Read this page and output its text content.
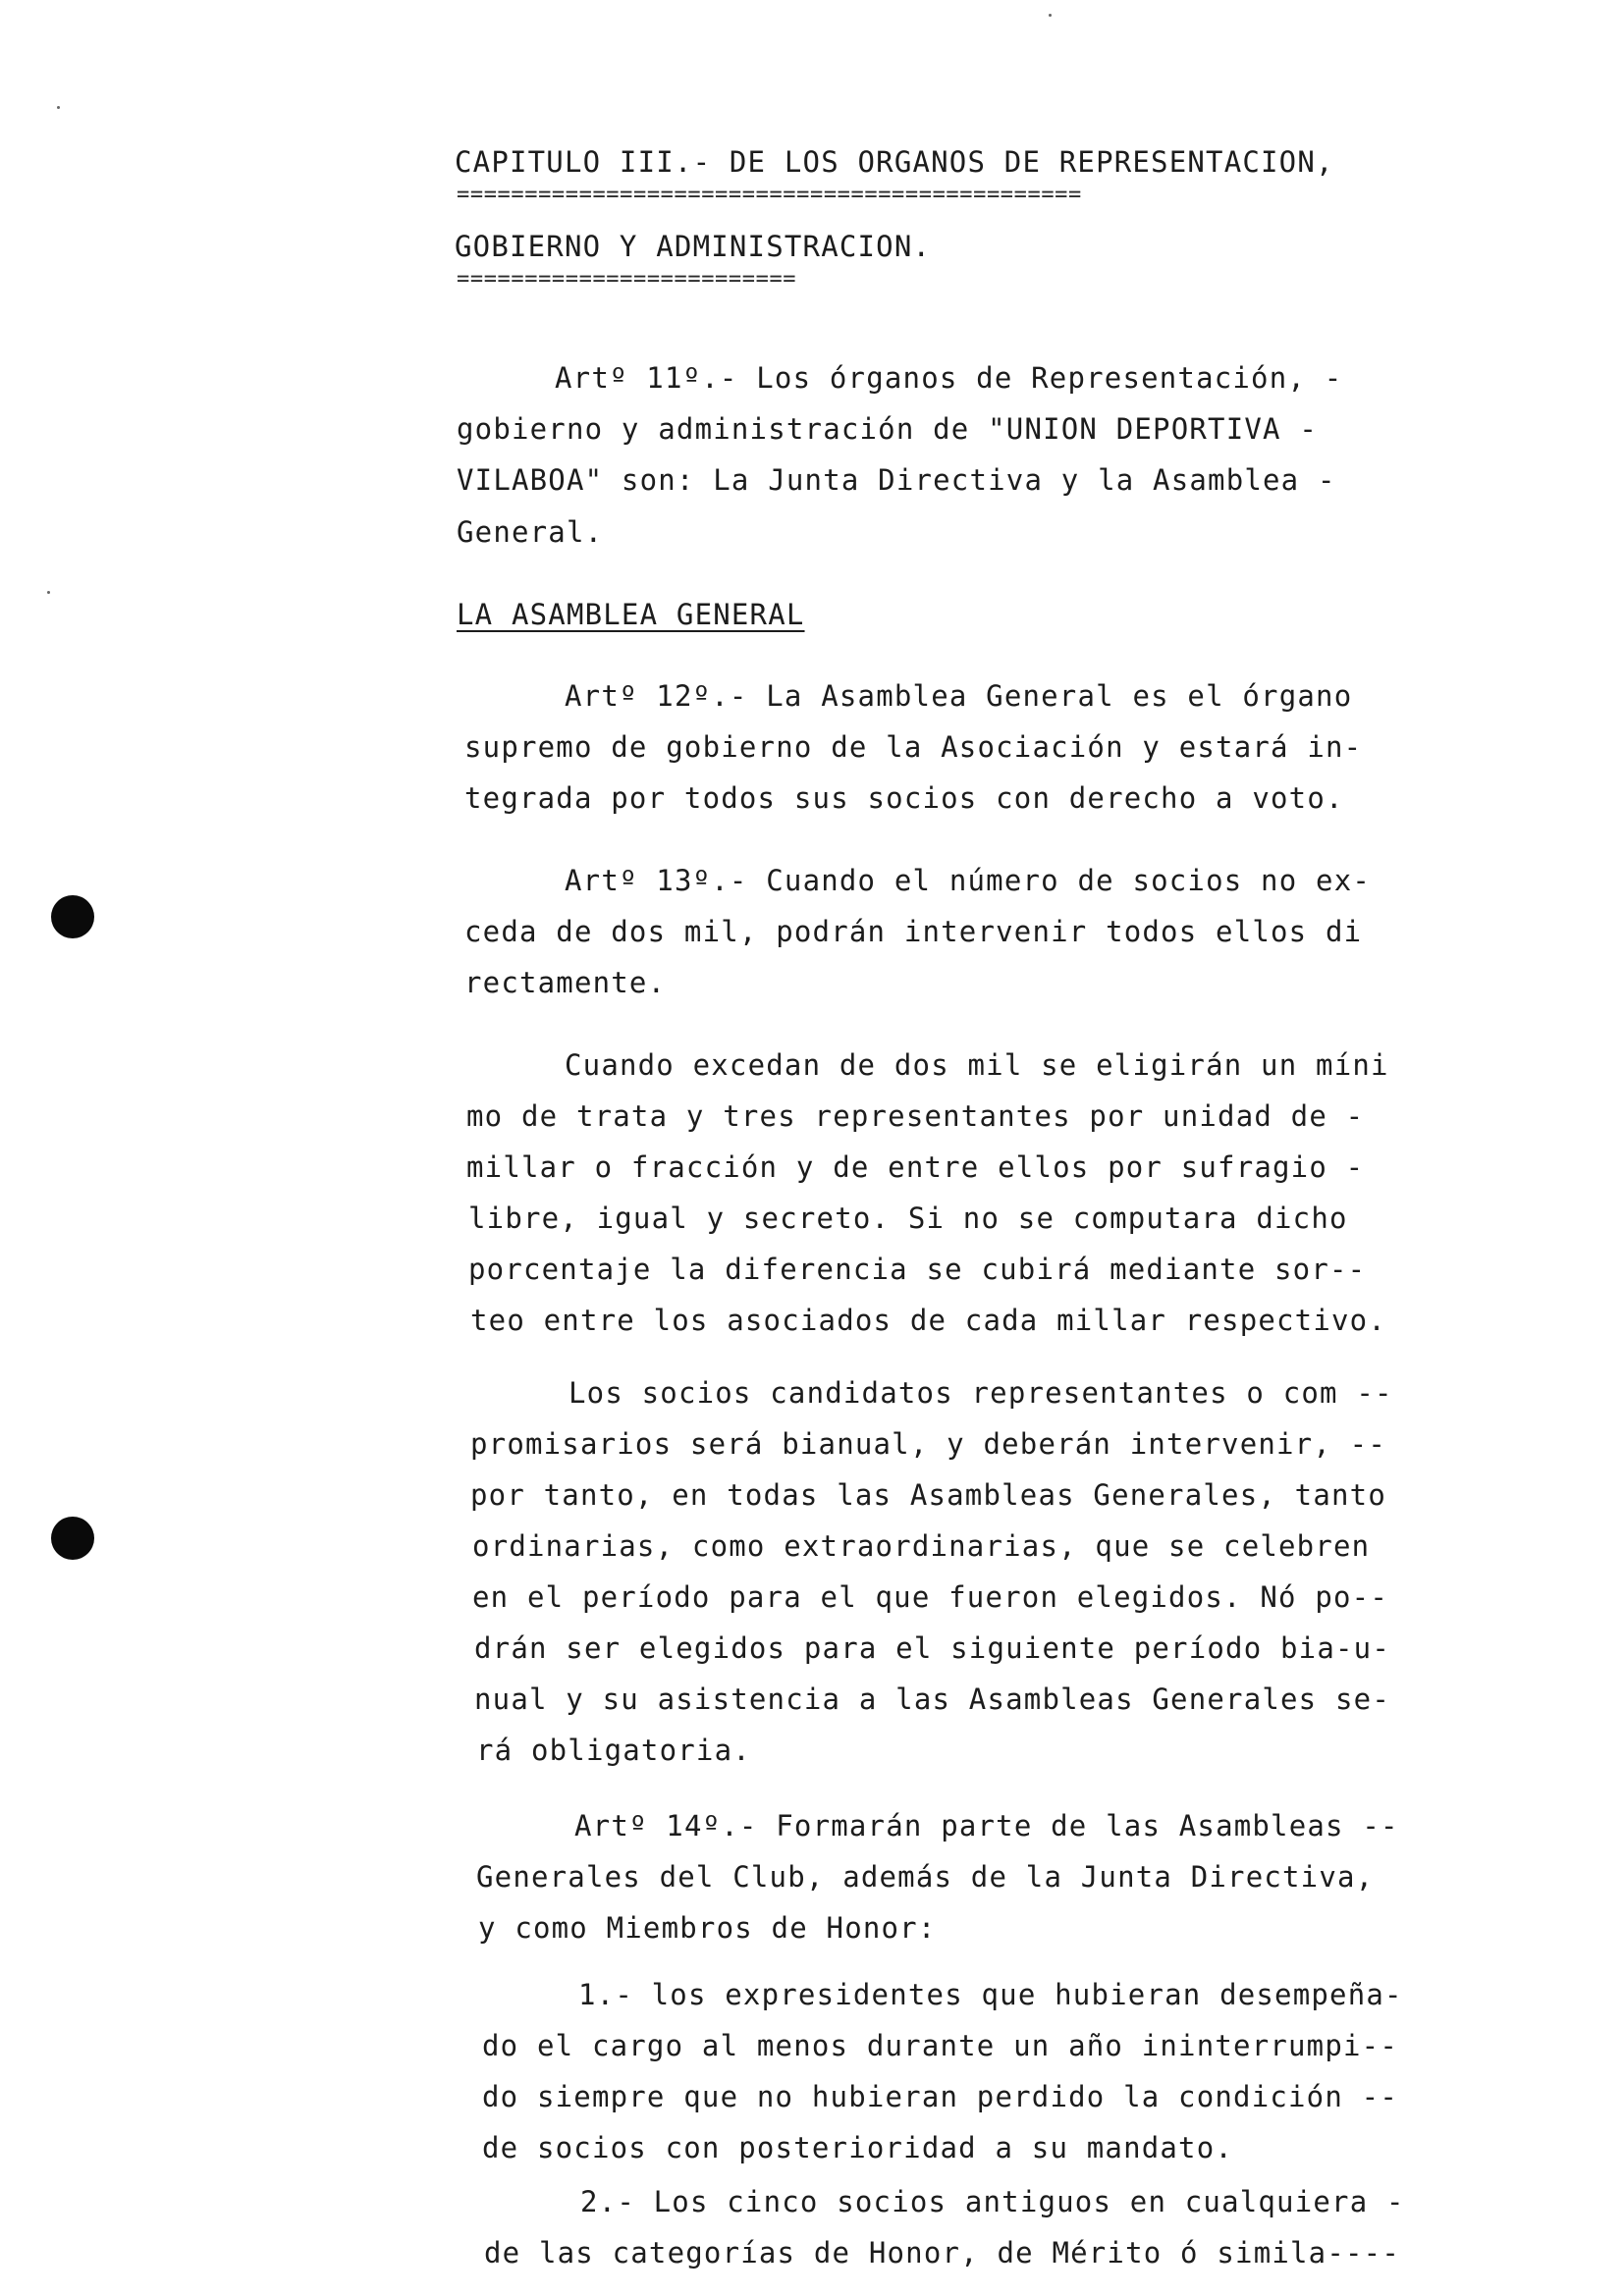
CAPITULO III.- DE LOS ORGANOS DE REPRESENTACION,
==============================================
GOBIERNO Y ADMINISTRACION.
=========================
Artº 11º.- Los órganos de Representación, -
gobierno y administración de "UNION DEPORTIVA -
VILABOA" son: La Junta Directiva y la Asamblea -
General.
LA ASAMBLEA GENERAL
Artº 12º.- La Asamblea General es el órgano
supremo de gobierno de la Asociación y estará in-
tegrada por todos sus socios con derecho a voto.
Artº 13º.- Cuando el número de socios no ex-
ceda de dos mil, podrán intervenir todos ellos di
rectamente.
Cuando excedan de dos mil se eligirán un míni
mo de trata y tres representantes por unidad de -
millar o fracción y de entre ellos por sufragio -
libre, igual y secreto. Si no se computara dicho
porcentaje la diferencia se cubirá mediante sor--
teo entre los asociados de cada millar respectivo.
Los socios candidatos representantes o com --
promisarios será bianual, y deberán intervenir, --
por tanto, en todas las Asambleas Generales, tanto
ordinarias, como extraordinarias, que se celebren
en el período para el que fueron elegidos. Nó po--
drán ser elegidos para el siguiente período bia-u-
nual y su asistencia a las Asambleas Generales se-
rá obligatoria.
Artº 14º.- Formarán parte de las Asambleas --
Generales del Club, además de la Junta Directiva,
y como Miembros de Honor:
1.- los expresidentes que hubieran desempeña-
do el cargo al menos durante un año ininterrumpi--
do siempre que no hubieran perdido la condición --
de socios con posterioridad a su mandato.
2.- Los cinco socios antiguos en cualquiera -
de las categorías de Honor, de Mérito ó simila----
